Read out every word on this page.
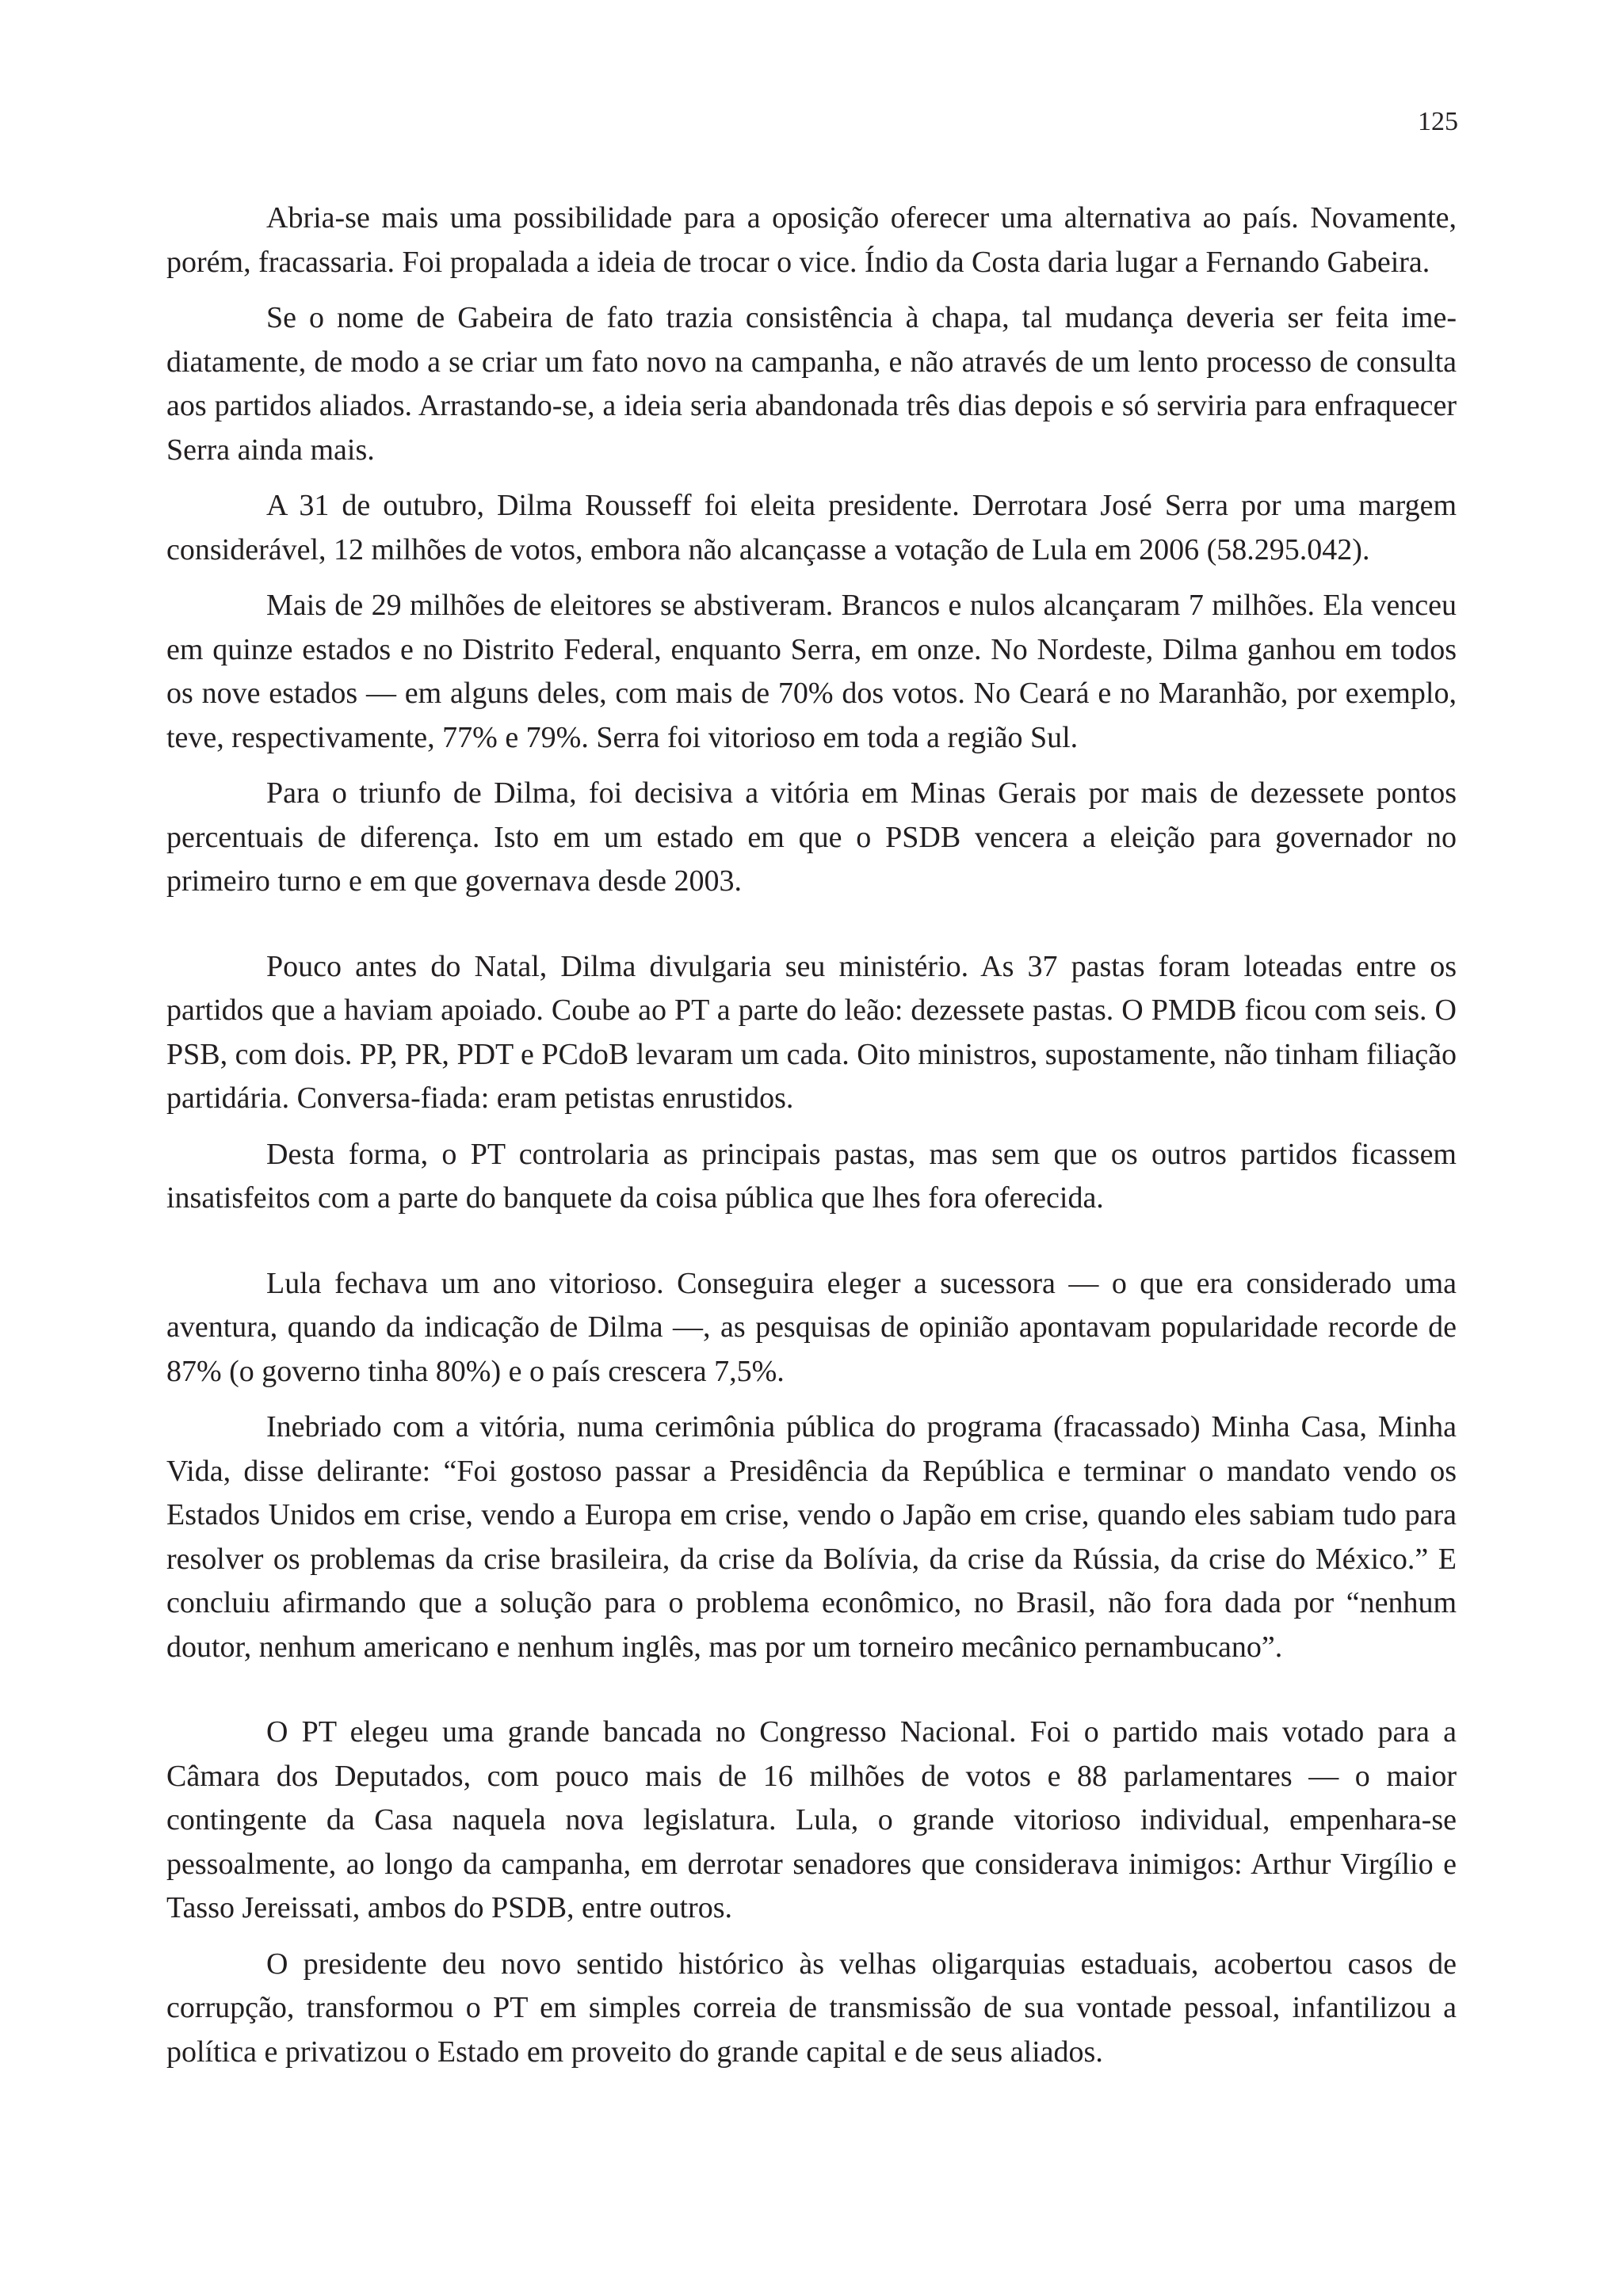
125

Abria-se mais uma possibilidade para a oposição oferecer uma alternativa ao país. Novamente, porém, fracassaria. Foi propalada a ideia de trocar o vice. Índio da Costa daria lugar a Fernando Gabeira.

Se o nome de Gabeira de fato trazia consistência à chapa, tal mudança deveria ser feita imediatamente, de modo a se criar um fato novo na campanha, e não através de um lento processo de consulta aos partidos aliados. Arrastando-se, a ideia seria abandonada três dias depois e só serviria para enfraquecer Serra ainda mais.

A 31 de outubro, Dilma Rousseff foi eleita presidente. Derrotara José Serra por uma margem considerável, 12 milhões de votos, embora não alcançasse a votação de Lula em 2006 (58.295.042).

Mais de 29 milhões de eleitores se abstiveram. Brancos e nulos alcançaram 7 milhões. Ela venceu em quinze estados e no Distrito Federal, enquanto Serra, em onze. No Nordeste, Dilma ganhou em todos os nove estados — em alguns deles, com mais de 70% dos votos. No Ceará e no Maranhão, por exemplo, teve, respectivamente, 77% e 79%. Serra foi vitorioso em toda a região Sul.

Para o triunfo de Dilma, foi decisiva a vitória em Minas Gerais por mais de dezessete pontos percentuais de diferença. Isto em um estado em que o PSDB vencera a eleição para governador no primeiro turno e em que governava desde 2003.

Pouco antes do Natal, Dilma divulgaria seu ministério. As 37 pastas foram loteadas entre os partidos que a haviam apoiado. Coube ao PT a parte do leão: dezessete pastas. O PMDB ficou com seis. O PSB, com dois. PP, PR, PDT e PCdoB levaram um cada. Oito ministros, supostamente, não tinham filiação partidária. Conversa-fiada: eram petistas enrustidos.

Desta forma, o PT controlaria as principais pastas, mas sem que os outros partidos ficassem insatisfeitos com a parte do banquete da coisa pública que lhes fora oferecida.

Lula fechava um ano vitorioso. Conseguira eleger a sucessora — o que era considerado uma aventura, quando da indicação de Dilma —, as pesquisas de opinião apontavam popularidade recorde de 87% (o governo tinha 80%) e o país crescera 7,5%.

Inebriado com a vitória, numa cerimônia pública do programa (fracassado) Minha Casa, Minha Vida, disse delirante: “Foi gostoso passar a Presidência da República e terminar o mandato vendo os Estados Unidos em crise, vendo a Europa em crise, vendo o Japão em crise, quando eles sabiam tudo para resolver os problemas da crise brasileira, da crise da Bolívia, da crise da Rússia, da crise do México.” E concluiu afirmando que a solução para o problema econômico, no Brasil, não fora dada por “nenhum doutor, nenhum americano e nenhum inglês, mas por um torneiro mecânico pernambucano”.

O PT elegeu uma grande bancada no Congresso Nacional. Foi o partido mais votado para a Câmara dos Deputados, com pouco mais de 16 milhões de votos e 88 parlamentares — o maior contingente da Casa naquela nova legislatura. Lula, o grande vitorioso individual, empenhara-se pessoalmente, ao longo da campanha, em derrotar senadores que considerava inimigos: Arthur Virgílio e Tasso Jereissati, ambos do PSDB, entre outros.

O presidente deu novo sentido histórico às velhas oligarquias estaduais, acobertou casos de corrupção, transformou o PT em simples correia de transmissão de sua vontade pessoal, infantilizou a política e privatizou o Estado em proveito do grande capital e de seus aliados.
